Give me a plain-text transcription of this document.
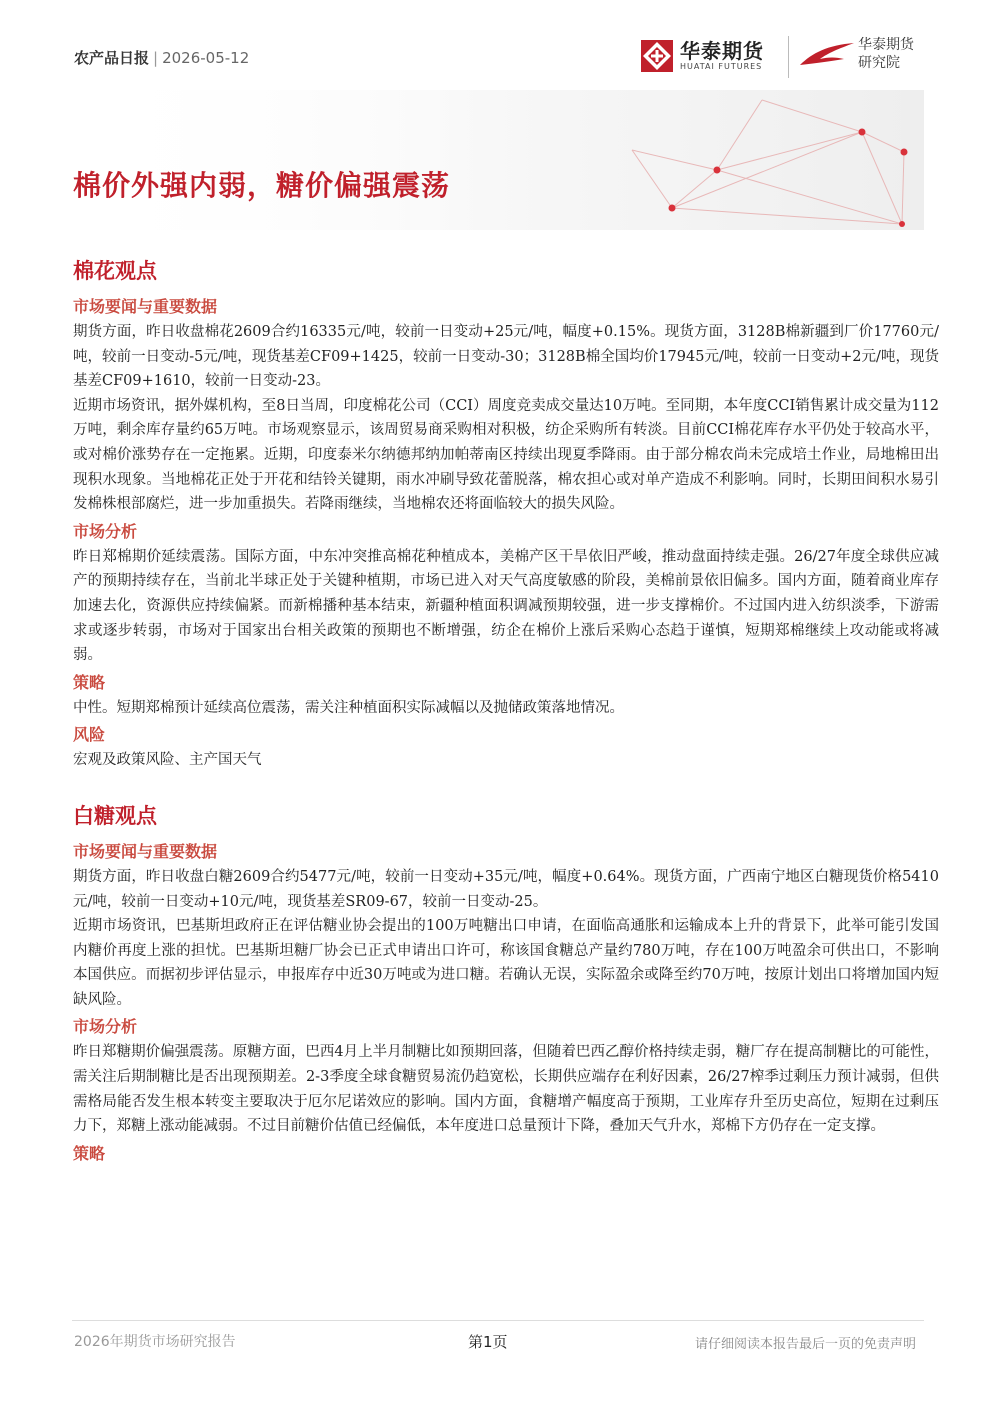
农产品日报 | 2026-05-12	华泰期货
HUATAI FUTURES
华泰期货
研究院
棉价外强内弱，糖价偏强震荡
棉花观点
市场要闻与重要数据

期货方面，昨日收盘棉花2609合约16335元/吨，较前一日变动+25元/吨，幅度+0.15%。现货方面，3128B棉新疆到厂价17760元/吨，较前一日变动-5元/吨，现货基差CF09+1425，较前一日变动-30；3128B棉全国均价17945元/吨，较前一日变动+2元/吨，现货基差CF09+1610，较前一日变动-23。

近期市场资讯，据外媒机构，至8日当周，印度棉花公司（CCI）周度竞卖成交量达10万吨。至同期，本年度CCI销售累计成交量为112万吨，剩余库存量约65万吨。市场观察显示，该周贸易商采购相对积极，纺企采购所有转淡。目前CCI棉花库存水平仍处于较高水平，或对棉价涨势存在一定拖累。近期，印度泰米尔纳德邦纳加帕蒂南区持续出现夏季降雨。由于部分棉农尚未完成培土作业，局地棉田出现积水现象。当地棉花正处于开花和结铃关键期，雨水冲刷导致花蕾脱落，棉农担心或对单产造成不利影响。同时，长期田间积水易引发棉株根部腐烂，进一步加重损失。若降雨继续，当地棉农还将面临较大的损失风险。

市场分析

昨日郑棉期价延续震荡。国际方面，中东冲突推高棉花种植成本，美棉产区干旱依旧严峻，推动盘面持续走强。26/27年度全球供应减产的预期持续存在，当前北半球正处于关键种植期，市场已进入对天气高度敏感的阶段，美棉前景依旧偏多。国内方面，随着商业库存加速去化，资源供应持续偏紧。而新棉播种基本结束，新疆种植面积调减预期较强，进一步支撑棉价。不过国内进入纺织淡季，下游需求或逐步转弱，市场对于国家出台相关政策的预期也不断增强，纺企在棉价上涨后采购心态趋于谨慎，短期郑棉继续上攻动能或将减弱。

策略

中性。短期郑棉预计延续高位震荡，需关注种植面积实际减幅以及抛储政策落地情况。

风险

宏观及政策风险、主产国天气

白糖观点
市场要闻与重要数据

期货方面，昨日收盘白糖2609合约5477元/吨，较前一日变动+35元/吨，幅度+0.64%。现货方面，广西南宁地区白糖现货价格5410元/吨，较前一日变动+10元/吨，现货基差SR09-67，较前一日变动-25。

近期市场资讯，巴基斯坦政府正在评估糖业协会提出的100万吨糖出口申请，在面临高通胀和运输成本上升的背景下，此举可能引发国内糖价再度上涨的担忧。巴基斯坦糖厂协会已正式申请出口许可，称该国食糖总产量约780万吨，存在100万吨盈余可供出口，不影响本国供应。而据初步评估显示，申报库存中近30万吨或为进口糖。若确认无误，实际盈余或降至约70万吨，按原计划出口将增加国内短缺风险。

市场分析

昨日郑糖期价偏强震荡。原糖方面，巴西4月上半月制糖比如预期回落，但随着巴西乙醇价格持续走弱，糖厂存在提高制糖比的可能性，需关注后期制糖比是否出现预期差。2-3季度全球食糖贸易流仍趋宽松，长期供应端存在利好因素，26/27榨季过剩压力预计减弱，但供需格局能否发生根本转变主要取决于厄尔尼诺效应的影响。国内方面，食糖增产幅度高于预期，工业库存升至历史高位，短期在过剩压力下，郑糖上涨动能减弱。不过目前糖价估值已经偏低，本年度进口总量预计下降，叠加天气升水，郑棉下方仍存在一定支撑。

策略
2026年期货市场研究报告	第1页	请仔细阅读本报告最后一页的免责声明
